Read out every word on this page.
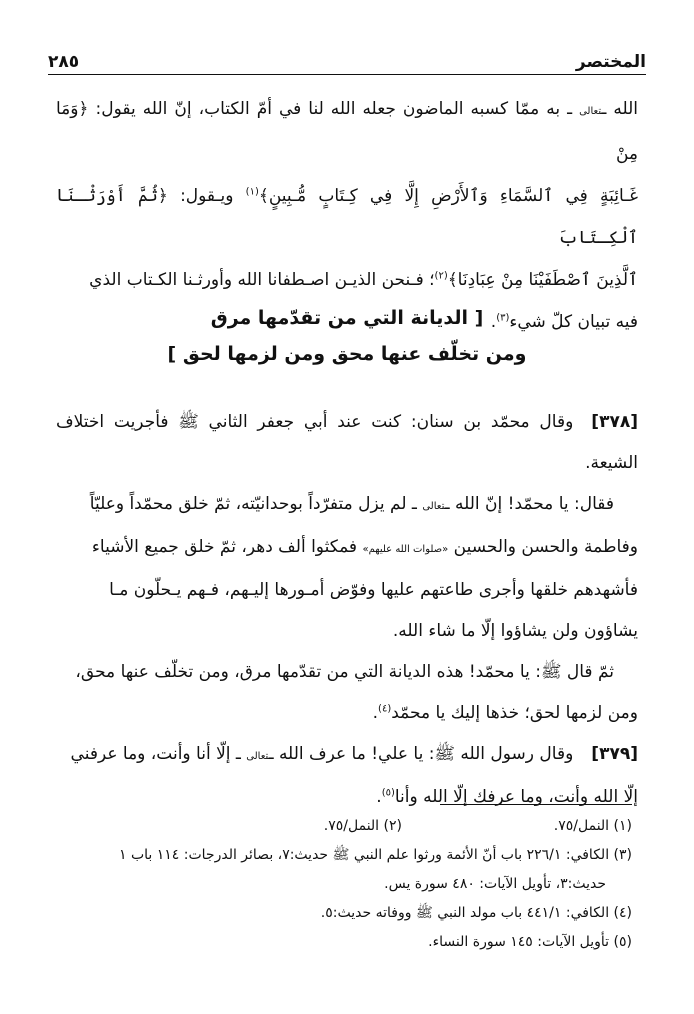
المختصر
٢٨٥

الله ـتعالى ـ به ممّا كسبه الماضون جعله الله لنا في أمّ الكتاب، إنّ الله يقول: ﴿وَمَا مِنْ

غَـائِبَةٍ فِي ٱلسَّمَاءِ وَٱلأَرْضِ إِلَّا فِي كِـتَابٍ مُّـبِينٍ﴾$^{(١)}$ ويـقول: ﴿ثُمَّ أَوْرَثْـنَا ٱلْكِـتَابَ

ٱلَّذِينَ ٱصْطَفَيْنَا مِنْ عِبَادِنَا﴾$^{(٢)}$؛ فـنحن الذيـن اصـطفانا الله وأورثـنا الكـتاب الذي

فيه تبيان كلّ شيء$^{(٣)}$.

[ الديانة التي من تقدّمها مرق
ومن تخلّف عنها محق ومن لزمها لحق ]

[٣٧٨]وقال محمّد بن سنان: كنت عند أبي جعفر الثاني ﷺ فأجريت اختلاف الشيعة.

فقال: يا محمّد! إنّ الله ـتعالى ـ لم يزل متفرّداً بوحدانيّته، ثمّ خلق محمّداً وعليّاً

وفاطمة والحسن والحسين «صلوات الله عليهم» فمكثوا ألف دهر، ثمّ خلق جميع الأشياء

فأشهدهم خلقها وأجرى طاعتهم عليها وفوّض أمـورها إليـهم، فـهم يـحلّون مـا

يشاؤون ولن يشاؤوا إلّا ما شاء الله.

ثمّ قال ﷺ: يا محمّد! هذه الديانة التي من تقدّمها مرق، ومن تخلّف عنها محق،

ومن لزمها لحق؛ خذها إليك يا محمّد$^{(٤)}$.

[٣٧٩]وقال رسول الله ﷺ: يا علي! ما عرف الله ـتعالى ـ إلّا أنا وأنت، وما عرفني

إلّا الله وأنت، وما عرفك إلّا الله وأنا$^{(٥)}$.

(١) النمل/٧٥.
(٢) النمل/٧٥.
(٣) الكافي: ٢٢٦/١ باب أنّ الأئمة ورثوا علم النبي ﷺ حديث:٧، بصائر الدرجات: ١١٤ باب ١
حديث:٣، تأويل الآيات: ٤٨٠ سورة يس.
(٤) الكافي: ٤٤١/١ باب مولد النبي ﷺ ووفاته حديث:٥.
(٥) تأويل الآيات: ١٤٥ سورة النساء.
